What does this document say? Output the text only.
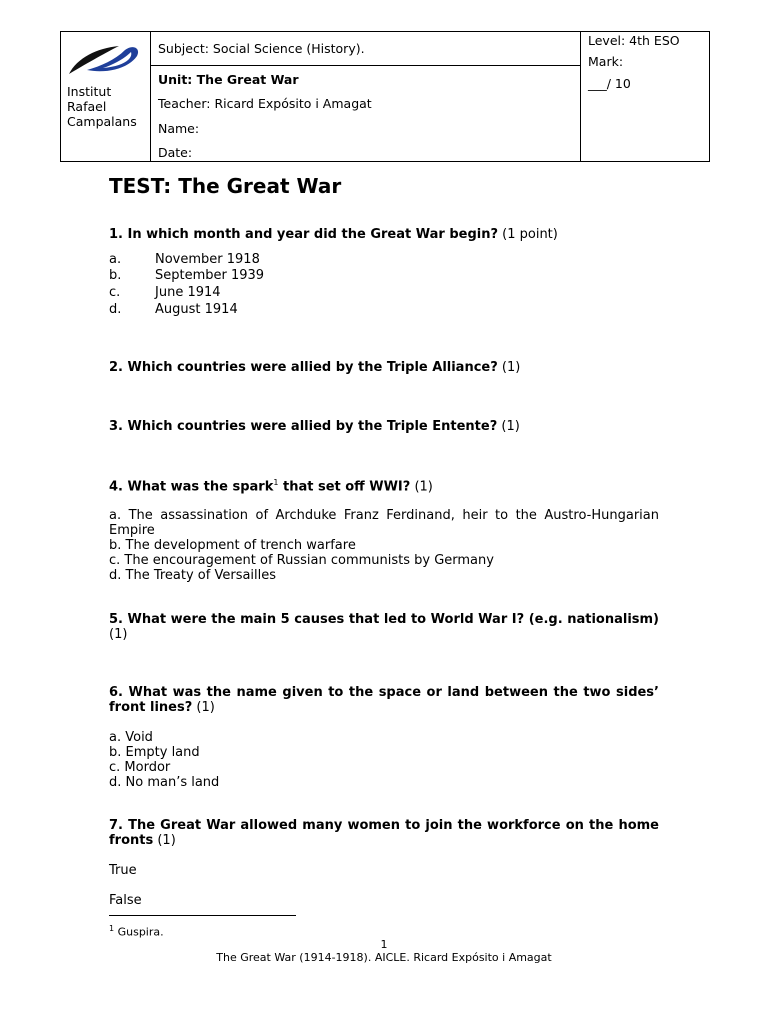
Institut
Rafael
Campalans
Subject: Social Science (History).
Unit: The Great War
Teacher: Ricard Expósito i Amagat
Name:
Date:
Level: 4th ESO
Mark:
___/ 10
TEST: The Great War
1. In which month and year did the Great War begin? (1 point)
a.	November 1918
b.	September 1939
c.	June 1914
d.	August 1914
2. Which countries were allied by the Triple Alliance? (1)
3. Which countries were allied by the Triple Entente? (1)
4. What was the spark$^1$ that set off WWI? (1)
a. The assassination of Archduke Franz Ferdinand, heir to the Austro-Hungarian Empire
b. The development of trench warfare
c. The encouragement of Russian communists by Germany
d. The Treaty of Versailles
5. What were the main 5 causes that led to World War I? (e.g. nationalism) (1)
6. What was the name given to the space or land between the two sides’ front lines? (1)
a. Void
b. Empty land
c. Mordor
d. No man’s land
7. The Great War allowed many women to join the workforce on the home fronts (1)
True
False
$^1$ Guspira.
1
The Great War (1914-1918). AICLE. Ricard Expósito i Amagat
